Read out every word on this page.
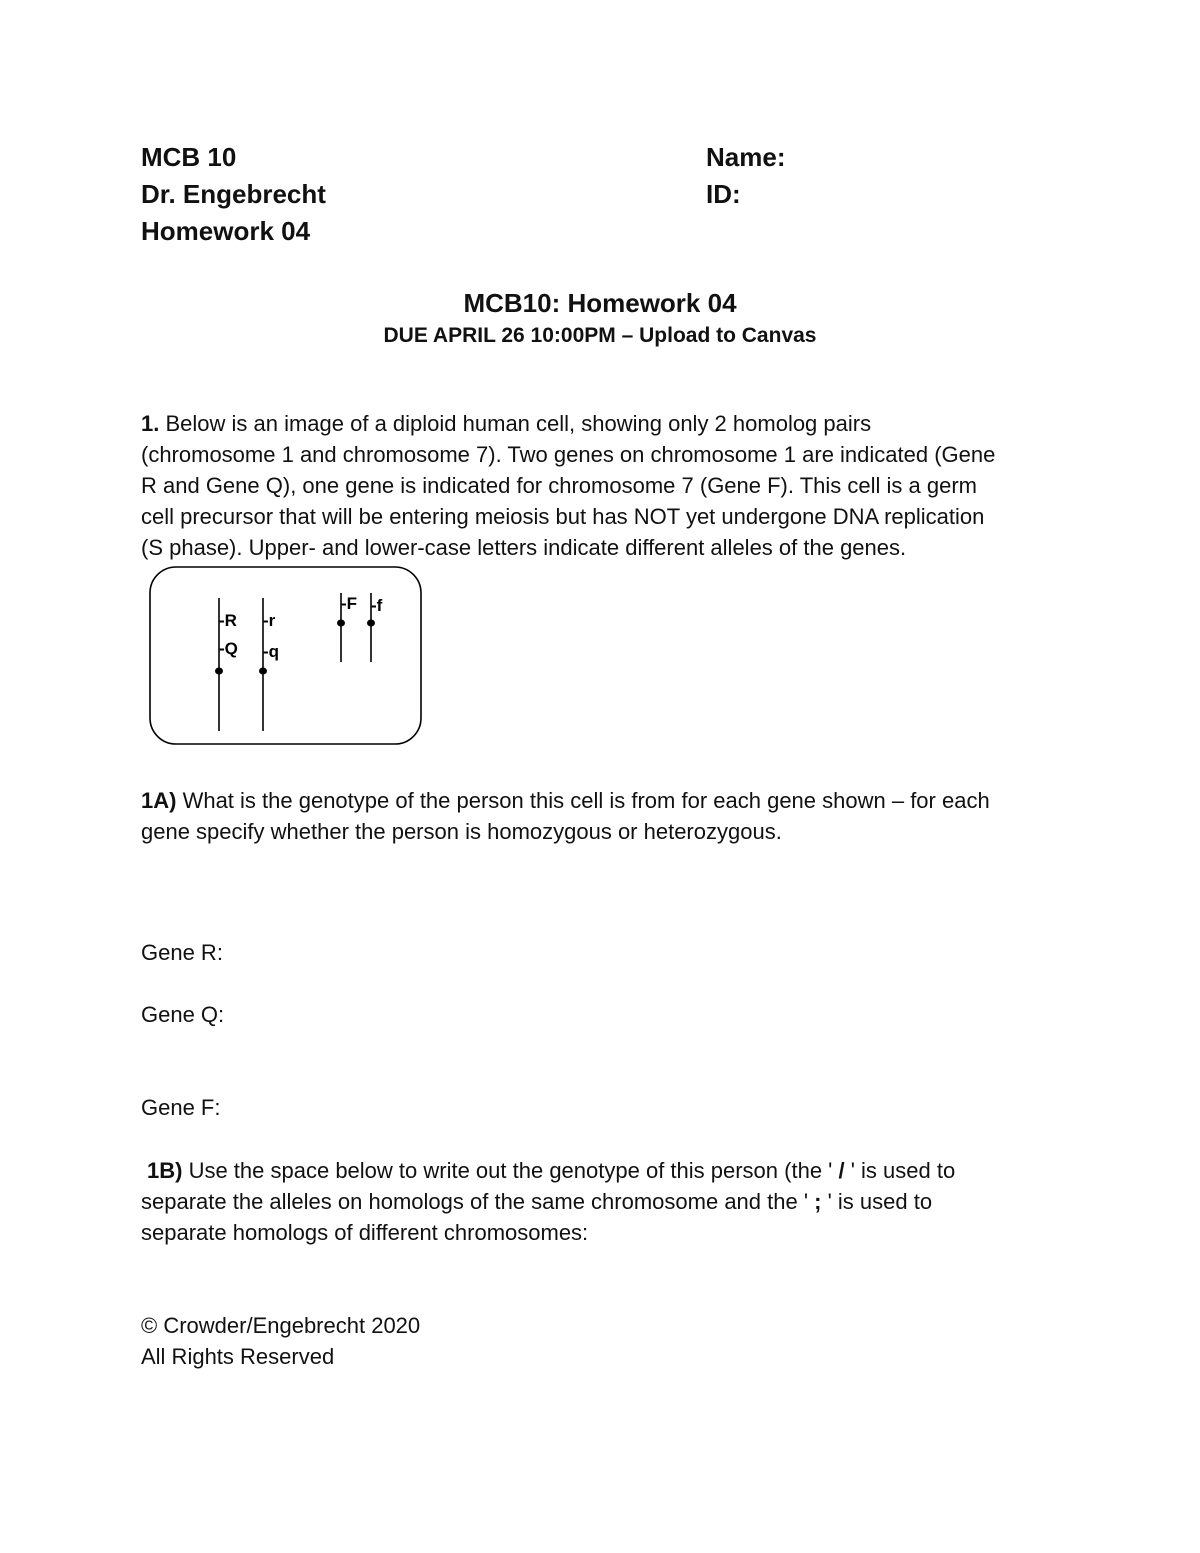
MCB 10
Dr. Engebrecht
Homework 04
Name:
ID:
MCB10: Homework 04
DUE APRIL 26 10:00PM – Upload to Canvas
1. Below is an image of a diploid human cell, showing only 2 homolog pairs
(chromosome 1 and chromosome 7). Two genes on chromosome 1 are indicated (Gene
R and Gene Q), one gene is indicated for chromosome 7 (Gene F). This cell is a germ
cell precursor that will be entering meiosis but has NOT yet undergone DNA replication
(S phase). Upper- and lower-case letters indicate different alleles of the genes.
-R
-Q
-r
-q
-F -f
1A) What is the genotype of the person this cell is from for each gene shown – for each
gene specify whether the person is homozygous or heterozygous.
Gene R:
Gene Q:
Gene F:
1B) Use the space below to write out the genotype of this person (the ' / ' is used to
separate the alleles on homologs of the same chromosome and the ' ; ' is used to
separate homologs of different chromosomes:
© Crowder/Engebrecht 2020
All Rights Reserved
